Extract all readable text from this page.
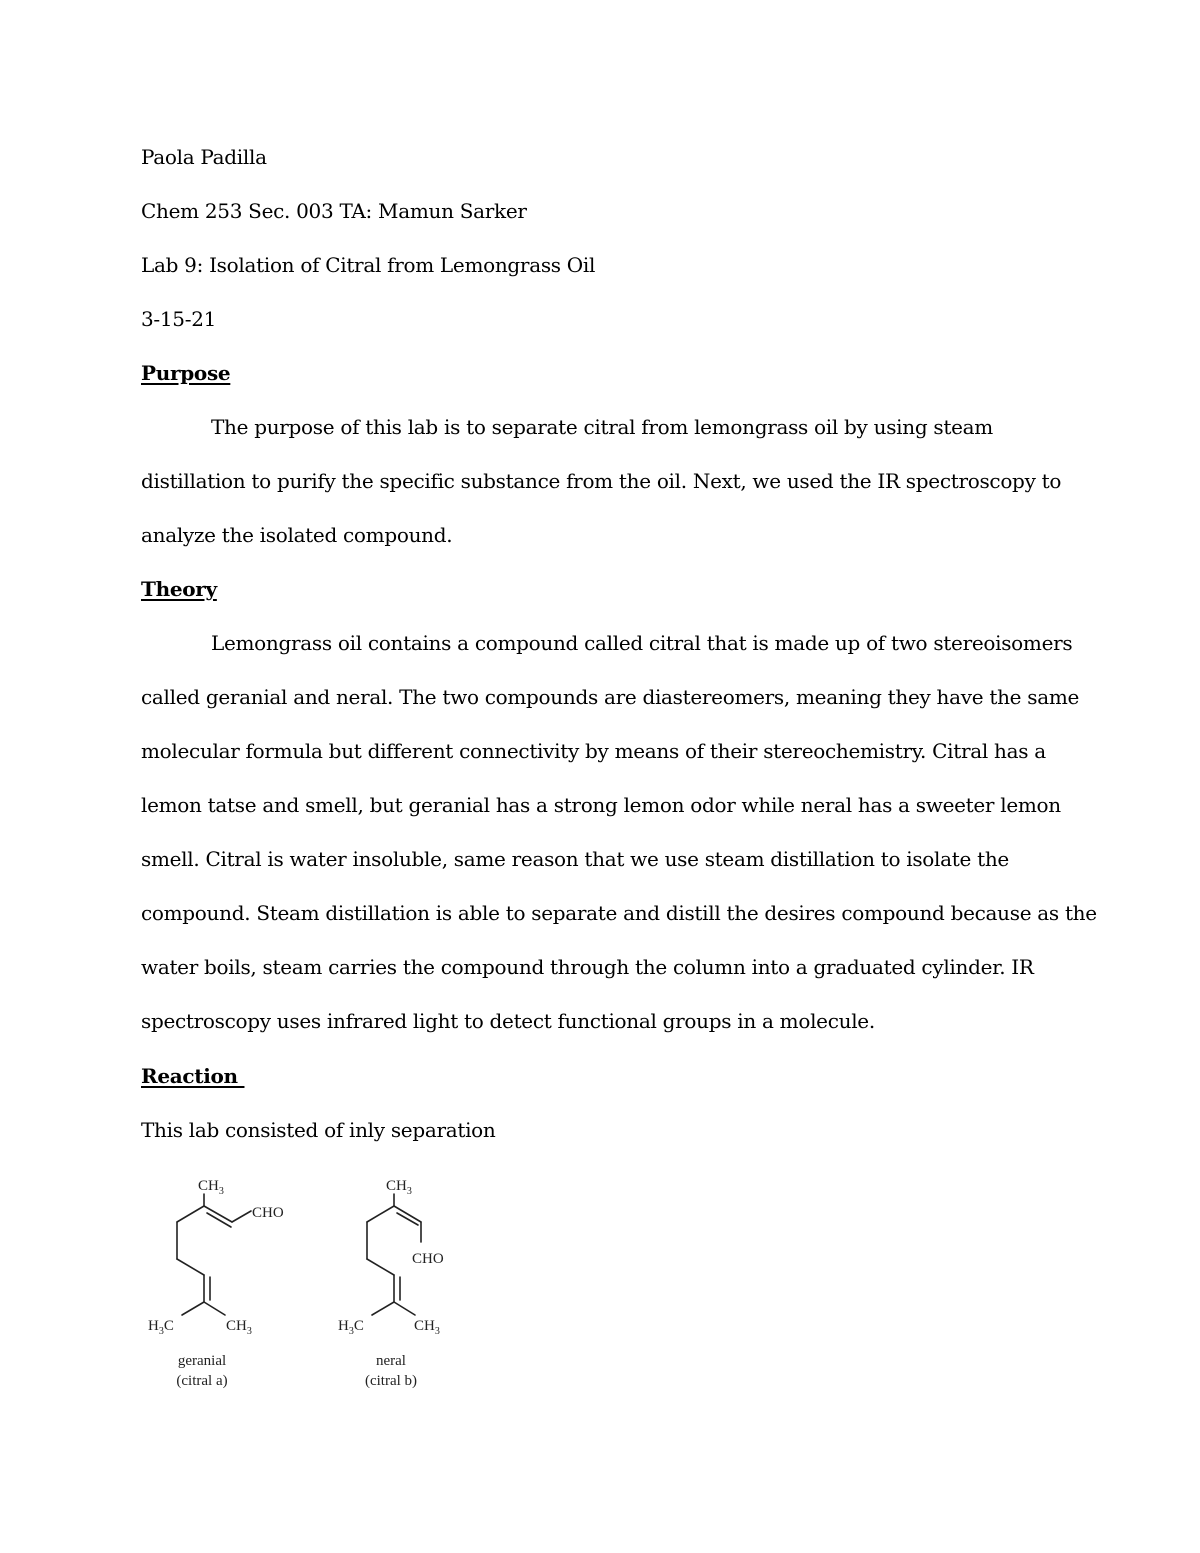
Paola Padilla
Chem 253 Sec. 003 TA: Mamun Sarker
Lab 9: Isolation of Citral from Lemongrass Oil
3-15-21
Purpose
The purpose of this lab is to separate citral from lemongrass oil by using steam
distillation to purify the specific substance from the oil. Next, we used the IR spectroscopy to
analyze the isolated compound.
Theory
Lemongrass oil contains a compound called citral that is made up of two stereoisomers
called geranial and neral. The two compounds are diastereomers, meaning they have the same
molecular formula but different connectivity by means of their stereochemistry. Citral has a
lemon tatse and smell, but geranial has a strong lemon odor while neral has a sweeter lemon
smell. Citral is water insoluble, same reason that we use steam distillation to isolate the
compound. Steam distillation is able to separate and distill the desires compound because as the
water boils, steam carries the compound through the column into a graduated cylinder. IR
spectroscopy uses infrared light to detect functional groups in a molecule.
Reaction
This lab consisted of inly separation
$CH_3$
CHO
$H_3C$	$CH_3$
geranial
(citral a)
$CH_3$
CHO
$H_3C$	$CH_3$
neral
(citral b)
